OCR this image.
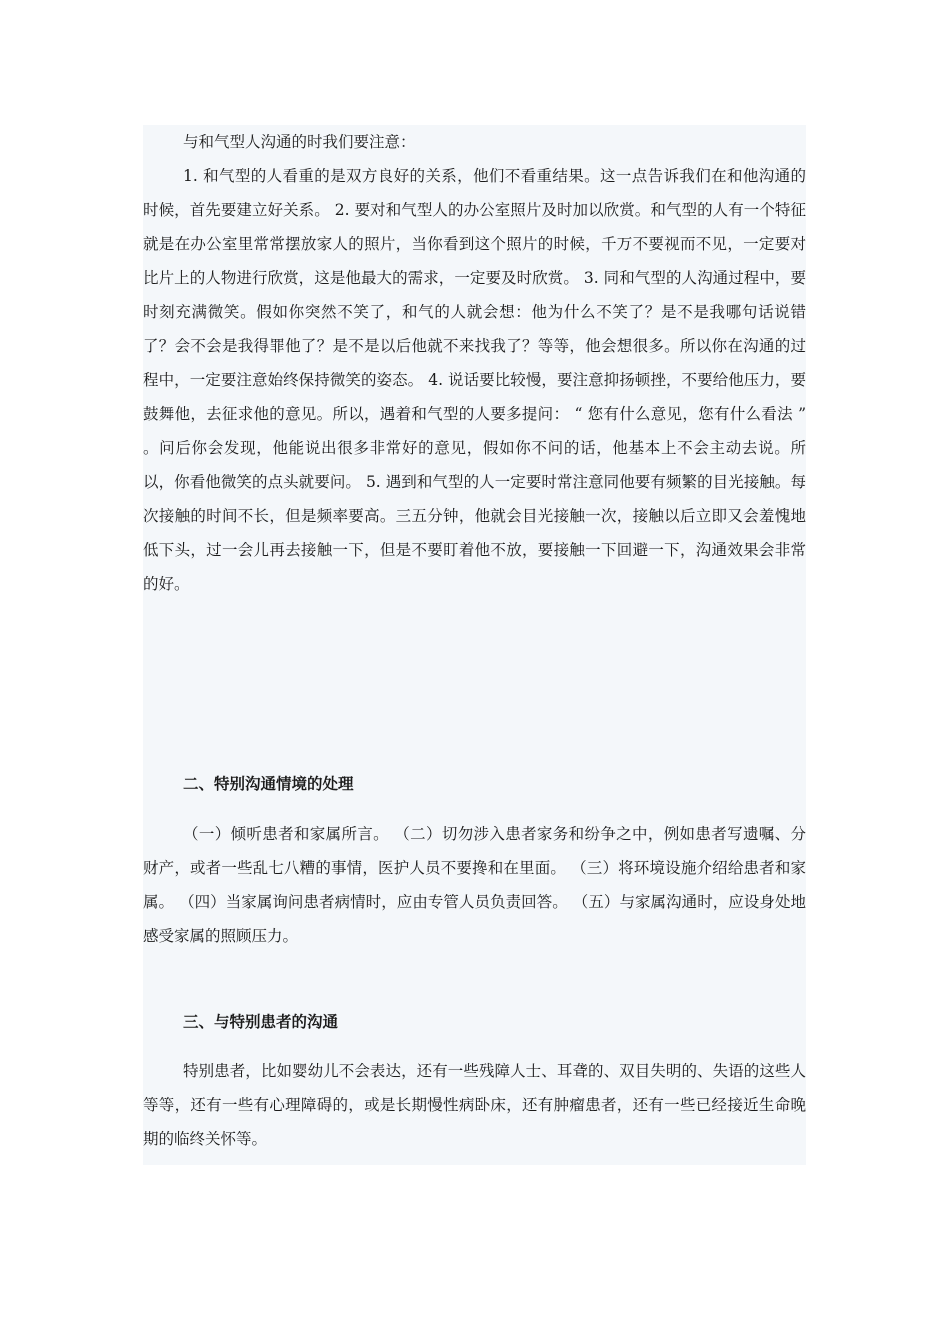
与和气型人沟通的时我们要注意：

1. 和气型的人看重的是双方良好的关系，他们不看重结果。这一点告诉我们在和他沟通的时候，首先要建立好关系。 2. 要对和气型人的办公室照片及时加以欣赏。和气型的人有一个特征就是在办公室里常常摆放家人的照片，当你看到这个照片的时候，千万不要视而不见，一定要对比片上的人物进行欣赏，这是他最大的需求，一定要及时欣赏。 3. 同和气型的人沟通过程中，要时刻充满微笑。假如你突然不笑了，和气的人就会想：他为什么不笑了？是不是我哪句话说错了？会不会是我得罪他了？是不是以后他就不来找我了？等等，他会想很多。所以你在沟通的过程中，一定要注意始终保持微笑的姿态。 4. 说话要比较慢，要注意抑扬顿挫，不要给他压力，要鼓舞他，去征求他的意见。所以，遇着和气型的人要多提问： “ 您有什么意见，您有什么看法 ” 。问后你会发现，他能说出很多非常好的意见，假如你不问的话，他基本上不会主动去说。所以，你看他微笑的点头就要问。 5. 遇到和气型的人一定要时常注意同他要有频繁的目光接触。每次接触的时间不长，但是频率要高。三五分钟，他就会目光接触一次，接触以后立即又会羞愧地低下头，过一会儿再去接触一下，但是不要盯着他不放，要接触一下回避一下，沟通效果会非常的好。

二、特别沟通情境的处理

（一）倾听患者和家属所言。 （二）切勿涉入患者家务和纷争之中，例如患者写遗嘱、分财产，或者一些乱七八糟的事情，医护人员不要搀和在里面。 （三）将环境设施介绍给患者和家属。 （四）当家属询问患者病情时，应由专管人员负责回答。 （五）与家属沟通时，应设身处地感受家属的照顾压力。

三、与特别患者的沟通

特别患者，比如婴幼儿不会表达，还有一些残障人士、耳聋的、双目失明的、失语的这些人等等，还有一些有心理障碍的，或是长期慢性病卧床，还有肿瘤患者，还有一些已经接近生命晚期的临终关怀等。
